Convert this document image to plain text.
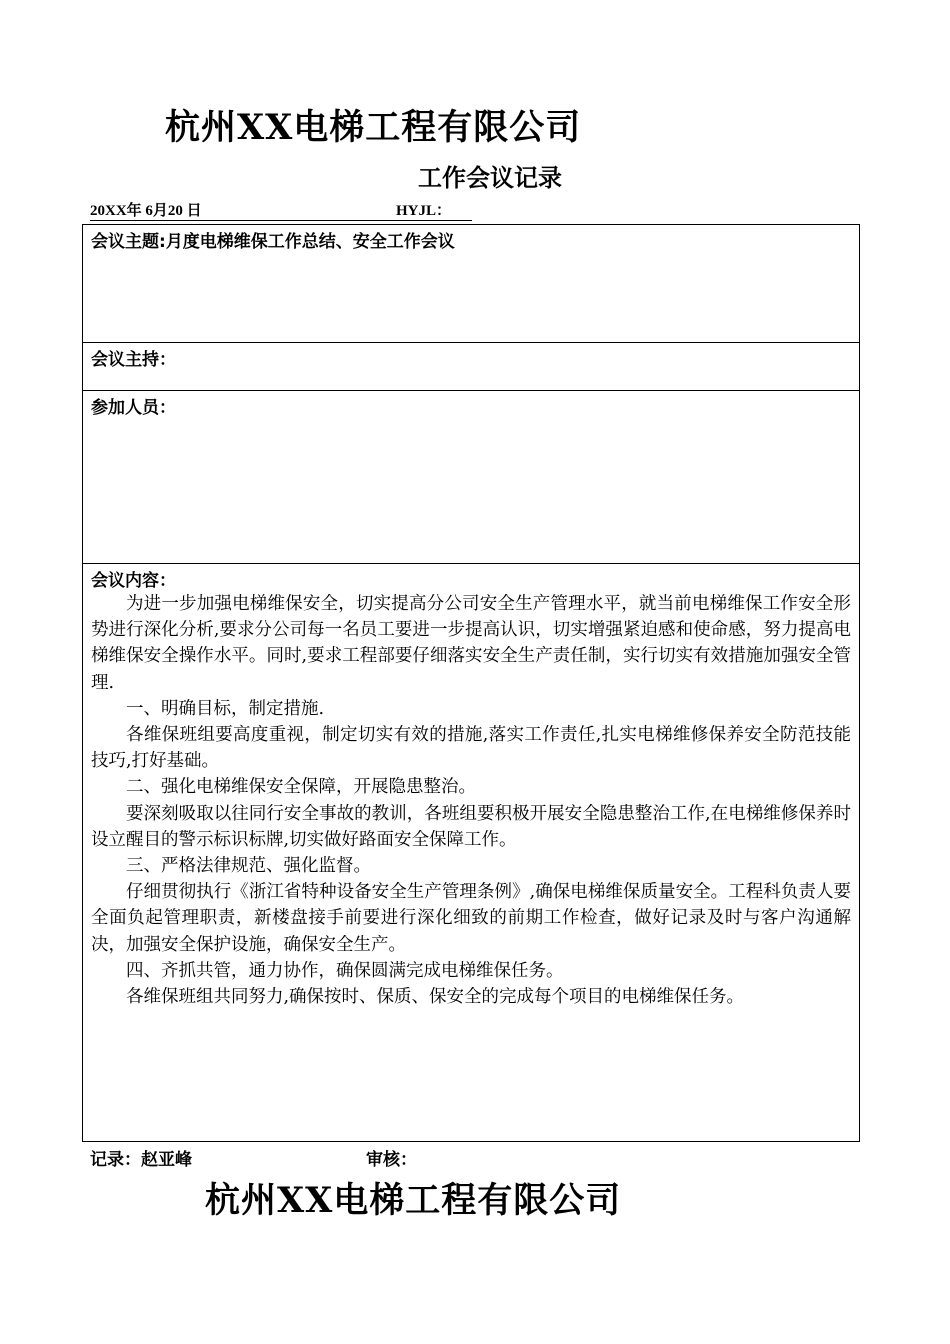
杭州XX电梯工程有限公司
工作会议记录
20XX年 6月20 日	HYJL：
会议主题:月度电梯维保工作总结、安全工作会议
会议主持：
参加人员：

会议内容：

为进一步加强电梯维保安全，切实提高分公司安全生产管理水平，就当前电梯维保工作安全形势进行深化分析,要求分公司每一名员工要进一步提高认识，切实增强紧迫感和使命感，努力提高电梯维保安全操作水平。同时,要求工程部要仔细落实安全生产责任制，实行切实有效措施加强安全管理.

一、明确目标，制定措施.

各维保班组要高度重视，制定切实有效的措施,落实工作责任,扎实电梯维修保养安全防范技能技巧,打好基础。

二、强化电梯维保安全保障，开展隐患整治。

要深刻吸取以往同行安全事故的教训，各班组要积极开展安全隐患整治工作,在电梯维修保养时设立醒目的警示标识标牌,切实做好路面安全保障工作。

三、严格法律规范、强化监督。

仔细贯彻执行《浙江省特种设备安全生产管理条例》,确保电梯维保质量安全。工程科负责人要全面负起管理职责，新楼盘接手前要进行深化细致的前期工作检查，做好记录及时与客户沟通解决，加强安全保护设施，确保安全生产。

四、齐抓共管，通力协作，确保圆满完成电梯维保任务。

各维保班组共同努力,确保按时、保质、保安全的完成每个项目的电梯维保任务。

记录：赵亚峰	审核：
杭州XX电梯工程有限公司
